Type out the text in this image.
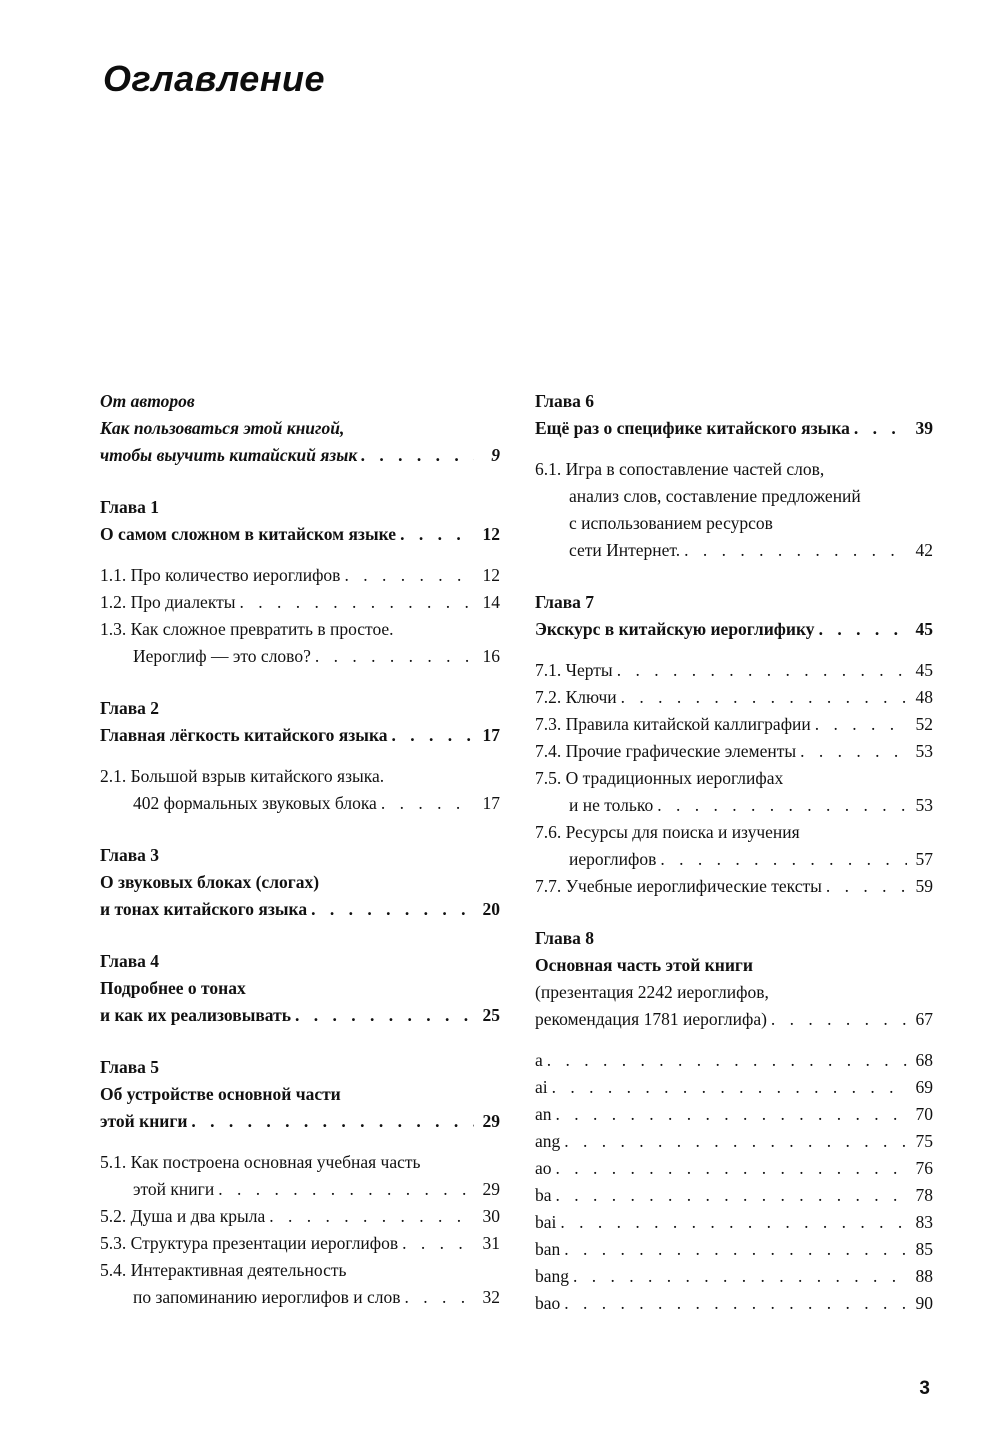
Оглавление
От авторов
Как пользоваться этой книгой,
чтобы выучить китайский язык . . .	9
Глава 1
О самом сложном в китайском языке . . .	12
1.1. Про количество иероглифов . . .	12
1.2. Про диалекты . . .	14
1.3. Как сложное превратить в простое.
Иероглиф — это слово? . . .	16
Глава 2
Главная лёгкость китайского языка . . .	17
2.1. Большой взрыв китайского языка.
402 формальных звуковых блока . . .	17
Глава 3
О звуковых блоках (слогах)
и тонах китайского языка . . .	20
Глава 4
Подробнее о тонах
и как их реализовывать . . .	25
Глава 5
Об устройстве основной части
этой книги . . .	29
5.1. Как построена основная учебная часть
этой книги . . .	29
5.2. Душа и два крыла . . .	30
5.3. Структура презентации иероглифов . . .	31
5.4. Интерактивная деятельность
по запоминанию иероглифов и слов . . .	32
Глава 6
Ещё раз о специфике китайского языка . . .	39
6.1. Игра в сопоставление частей слов,
анализ слов, составление предложений
с использованием ресурсов
сети Интернет. . . .	42
Глава 7
Экскурс в китайскую иероглифику . . .	45
7.1. Черты . . .	45
7.2. Ключи . . .	48
7.3. Правила китайской каллиграфии . . .	52
7.4. Прочие графические элементы . . .	53
7.5. О традиционных иероглифах
и не только . . .	53
7.6. Ресурсы для поиска и изучения
иероглифов . . .	57
7.7. Учебные иероглифические тексты . . .	59
Глава 8
Основная часть этой книги
(презентация 2242 иероглифов,
рекомендация 1781 иероглифа) . . .	67
a . . .	68
ai . . .	69
an . . .	70
ang . . .	75
ao . . .	76
ba . . .	78
bai . . .	83
ban . . .	85
bang . . .	88
bao . . .	90
3
